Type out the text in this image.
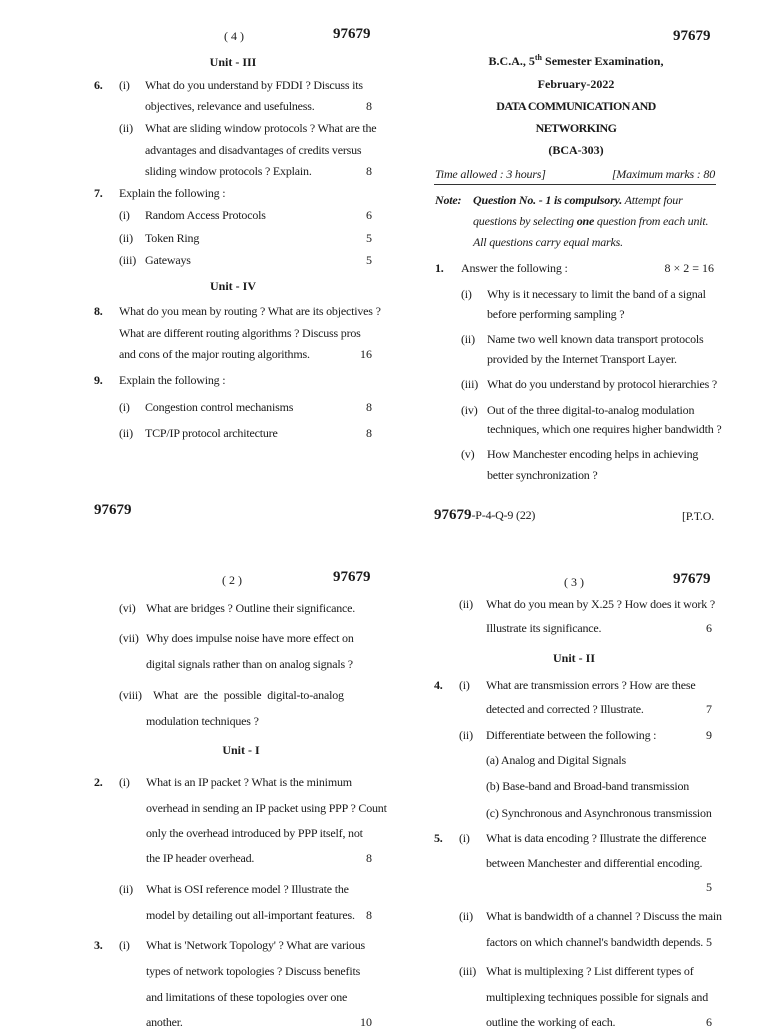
( 4 )	97679
Unit - III
6. (i) What do you understand by FDDI ? Discuss its
objectives, relevance and usefulness.	8
(ii) What are sliding window protocols ? What are the
advantages and disadvantages of credits versus
sliding window protocols ? Explain.	8
7. Explain the following :
(i) Random Access Protocols	6
(ii) Token Ring	5
(iii) Gateways	5
Unit - IV
8. What do you mean by routing ? What are its objectives ?
What are different routing algorithms ? Discuss pros
and cons of the major routing algorithms.	16
9. Explain the following :
(i) Congestion control mechanisms	8
(ii) TCP/IP protocol architecture	8
97679
97679
B.C.A., 5th Semester Examination,
February-2022
DATA COMMUNICATION AND
NETWORKING
(BCA-303)
Time allowed : 3 hours]	[Maximum marks : 80
Note: Question No. - 1 is compulsory. Attempt four
questions by selecting one question from each unit.
All questions carry equal marks.
1. Answer the following :	8 × 2 = 16
(i) Why is it necessary to limit the band of a signal
before performing sampling ?
(ii) Name two well known data transport protocols
provided by the Internet Transport Layer.
(iii) What do you understand by protocol hierarchies ?
(iv) Out of the three digital-to-analog modulation
techniques, which one requires higher bandwidth ?
(v) How Manchester encoding helps in achieving
better synchronization ?
97679-P-4-Q-9 (22)	[P.T.O.
( 2 )	97679
(vi) What are bridges ? Outline their significance.
(vii) Why does impulse noise have more effect on
digital signals rather than on analog signals ?
(viii) What are the possible digital-to-analog
modulation techniques ?
Unit - I
2. (i) What is an IP packet ? What is the minimum
overhead in sending an IP packet using PPP ? Count
only the overhead introduced by PPP itself, not
the IP header overhead.	8
(ii) What is OSI reference model ? Illustrate the
model by detailing out all-important features. 8
3. (i) What is 'Network Topology' ? What are various
types of network topologies ? Discuss benefits
and limitations of these topologies over one
another.	10
( 3 )	97679
(ii) What do you mean by X.25 ? How does it work ?
Illustrate its significance.	6
Unit - II
4. (i) What are transmission errors ? How are these
detected and corrected ? Illustrate.	7
(ii) Differentiate between the following :	9
(a) Analog and Digital Signals
(b) Base-band and Broad-band transmission
(c) Synchronous and Asynchronous transmission
5. (i) What is data encoding ? Illustrate the difference
between Manchester and differential encoding.
5
(ii) What is bandwidth of a channel ? Discuss the main
factors on which channel's bandwidth depends. 5
(iii) What is multiplexing ? List different types of
multiplexing techniques possible for signals and
outline the working of each.	6
